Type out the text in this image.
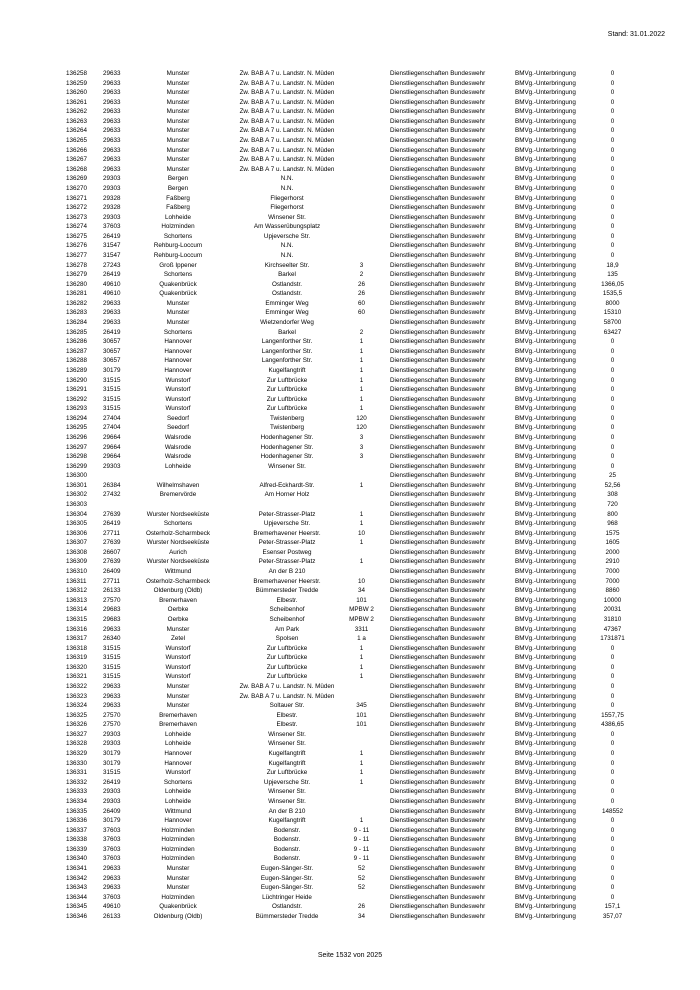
Stand: 31.01.2022
136258	29633	Munster	Zw. BAB A 7 u. Landstr. N. Müden	Dienstliegenschaften Bundeswehr	BMVg.-Unterbringung	0
136259	29633	Munster	Zw. BAB A 7 u. Landstr. N. Müden	Dienstliegenschaften Bundeswehr	BMVg.-Unterbringung	0
136260	29633	Munster	Zw. BAB A 7 u. Landstr. N. Müden	Dienstliegenschaften Bundeswehr	BMVg.-Unterbringung	0
136261	29633	Munster	Zw. BAB A 7 u. Landstr. N. Müden	Dienstliegenschaften Bundeswehr	BMVg.-Unterbringung	0
136262	29633	Munster	Zw. BAB A 7 u. Landstr. N. Müden	Dienstliegenschaften Bundeswehr	BMVg.-Unterbringung	0
136263	29633	Munster	Zw. BAB A 7 u. Landstr. N. Müden	Dienstliegenschaften Bundeswehr	BMVg.-Unterbringung	0
136264	29633	Munster	Zw. BAB A 7 u. Landstr. N. Müden	Dienstliegenschaften Bundeswehr	BMVg.-Unterbringung	0
136265	29633	Munster	Zw. BAB A 7 u. Landstr. N. Müden	Dienstliegenschaften Bundeswehr	BMVg.-Unterbringung	0
136266	29633	Munster	Zw. BAB A 7 u. Landstr. N. Müden	Dienstliegenschaften Bundeswehr	BMVg.-Unterbringung	0
136267	29633	Munster	Zw. BAB A 7 u. Landstr. N. Müden	Dienstliegenschaften Bundeswehr	BMVg.-Unterbringung	0
136268	29633	Munster	Zw. BAB A 7 u. Landstr. N. Müden	Dienstliegenschaften Bundeswehr	BMVg.-Unterbringung	0
136269	29303	Bergen	N.N.	Dienstliegenschaften Bundeswehr	BMVg.-Unterbringung	0
136270	29303	Bergen	N.N.	Dienstliegenschaften Bundeswehr	BMVg.-Unterbringung	0
136271	29328	Faßberg	Fliegerhorst	Dienstliegenschaften Bundeswehr	BMVg.-Unterbringung	0
136272	29328	Faßberg	Fliegerhorst	Dienstliegenschaften Bundeswehr	BMVg.-Unterbringung	0
136273	29303	Lohheide	Winsener Str.	Dienstliegenschaften Bundeswehr	BMVg.-Unterbringung	0
136274	37603	Holzminden	Am Wasserübungsplatz	Dienstliegenschaften Bundeswehr	BMVg.-Unterbringung	0
136275	26419	Schortens	Upjeversche Str.	Dienstliegenschaften Bundeswehr	BMVg.-Unterbringung	0
136276	31547	Rehburg-Loccum	N.N.	Dienstliegenschaften Bundeswehr	BMVg.-Unterbringung	0
136277	31547	Rehburg-Loccum	N.N.	Dienstliegenschaften Bundeswehr	BMVg.-Unterbringung	0
136278	27243	Groß Ippener	Kirchseelter Str.	3	Dienstliegenschaften Bundeswehr	BMVg.-Unterbringung	18,9
136279	26419	Schortens	Barkel	2	Dienstliegenschaften Bundeswehr	BMVg.-Unterbringung	135
136280	49610	Quakenbrück	Ostlandstr.	26	Dienstliegenschaften Bundeswehr	BMVg.-Unterbringung	1366,05
136281	49610	Quakenbrück	Ostlandstr.	26	Dienstliegenschaften Bundeswehr	BMVg.-Unterbringung	1535,5
136282	29633	Munster	Emminger Weg	60	Dienstliegenschaften Bundeswehr	BMVg.-Unterbringung	8000
136283	29633	Munster	Emminger Weg	60	Dienstliegenschaften Bundeswehr	BMVg.-Unterbringung	15310
136284	29633	Munster	Wietzendorfer Weg	Dienstliegenschaften Bundeswehr	BMVg.-Unterbringung	58700
136285	26419	Schortens	Barkel	2	Dienstliegenschaften Bundeswehr	BMVg.-Unterbringung	63427
136286	30657	Hannover	Langenforther Str.	1	Dienstliegenschaften Bundeswehr	BMVg.-Unterbringung	0
136287	30657	Hannover	Langenforther Str.	1	Dienstliegenschaften Bundeswehr	BMVg.-Unterbringung	0
136288	30657	Hannover	Langenforther Str.	1	Dienstliegenschaften Bundeswehr	BMVg.-Unterbringung	0
136289	30179	Hannover	Kugelfangtrift	1	Dienstliegenschaften Bundeswehr	BMVg.-Unterbringung	0
136290	31515	Wunstorf	Zur Luftbrücke	1	Dienstliegenschaften Bundeswehr	BMVg.-Unterbringung	0
136291	31515	Wunstorf	Zur Luftbrücke	1	Dienstliegenschaften Bundeswehr	BMVg.-Unterbringung	0
136292	31515	Wunstorf	Zur Luftbrücke	1	Dienstliegenschaften Bundeswehr	BMVg.-Unterbringung	0
136293	31515	Wunstorf	Zur Luftbrücke	1	Dienstliegenschaften Bundeswehr	BMVg.-Unterbringung	0
136294	27404	Seedorf	Twistenberg	120	Dienstliegenschaften Bundeswehr	BMVg.-Unterbringung	0
136295	27404	Seedorf	Twistenberg	120	Dienstliegenschaften Bundeswehr	BMVg.-Unterbringung	0
136296	29664	Walsrode	Hodenhagener Str.	3	Dienstliegenschaften Bundeswehr	BMVg.-Unterbringung	0
136297	29664	Walsrode	Hodenhagener Str.	3	Dienstliegenschaften Bundeswehr	BMVg.-Unterbringung	0
136298	29664	Walsrode	Hodenhagener Str.	3	Dienstliegenschaften Bundeswehr	BMVg.-Unterbringung	0
136299	29303	Lohheide	Winsener Str.	Dienstliegenschaften Bundeswehr	BMVg.-Unterbringung	0
136300	Dienstliegenschaften Bundeswehr	BMVg.-Unterbringung	25
136301	26384	Wilhelmshaven	Alfred-Eckhardt-Str.	1	Dienstliegenschaften Bundeswehr	BMVg.-Unterbringung	52,56
136302	27432	Bremervörde	Am Horner Holz	Dienstliegenschaften Bundeswehr	BMVg.-Unterbringung	308
136303	Dienstliegenschaften Bundeswehr	BMVg.-Unterbringung	720
136304	27639	Wurster Nordseeküste	Peter-Strasser-Platz	1	Dienstliegenschaften Bundeswehr	BMVg.-Unterbringung	800
136305	26419	Schortens	Upjeversche Str.	1	Dienstliegenschaften Bundeswehr	BMVg.-Unterbringung	968
136306	27711	Osterholz-Scharmbeck	Bremerhavener Heerstr.	10	Dienstliegenschaften Bundeswehr	BMVg.-Unterbringung	1575
136307	27639	Wurster Nordseeküste	Peter-Strasser-Platz	1	Dienstliegenschaften Bundeswehr	BMVg.-Unterbringung	1605
136308	26607	Aurich	Esenser Postweg	Dienstliegenschaften Bundeswehr	BMVg.-Unterbringung	2000
136309	27639	Wurster Nordseeküste	Peter-Strasser-Platz	1	Dienstliegenschaften Bundeswehr	BMVg.-Unterbringung	2910
136310	26409	Wittmund	An der B 210	Dienstliegenschaften Bundeswehr	BMVg.-Unterbringung	7000
136311	27711	Osterholz-Scharmbeck	Bremerhavener Heerstr.	10	Dienstliegenschaften Bundeswehr	BMVg.-Unterbringung	7000
136312	26133	Oldenburg (Oldb)	Bümmersteder Tredde	34	Dienstliegenschaften Bundeswehr	BMVg.-Unterbringung	8860
136313	27570	Bremerhaven	Elbestr.	101	Dienstliegenschaften Bundeswehr	BMVg.-Unterbringung	10000
136314	29683	Oerbke	Scheibenhof	MPBW 2	Dienstliegenschaften Bundeswehr	BMVg.-Unterbringung	20031
136315	29683	Oerbke	Scheibenhof	MPBW 2	Dienstliegenschaften Bundeswehr	BMVg.-Unterbringung	31810
136316	29633	Munster	Am Park	3311	Dienstliegenschaften Bundeswehr	BMVg.-Unterbringung	47367
136317	26340	Zetel	Spolsen	1 a	Dienstliegenschaften Bundeswehr	BMVg.-Unterbringung	1731871
136318	31515	Wunstorf	Zur Luftbrücke	1	Dienstliegenschaften Bundeswehr	BMVg.-Unterbringung	0
136319	31515	Wunstorf	Zur Luftbrücke	1	Dienstliegenschaften Bundeswehr	BMVg.-Unterbringung	0
136320	31515	Wunstorf	Zur Luftbrücke	1	Dienstliegenschaften Bundeswehr	BMVg.-Unterbringung	0
136321	31515	Wunstorf	Zur Luftbrücke	1	Dienstliegenschaften Bundeswehr	BMVg.-Unterbringung	0
136322	29633	Munster	Zw. BAB A 7 u. Landstr. N. Müden	Dienstliegenschaften Bundeswehr	BMVg.-Unterbringung	0
136323	29633	Munster	Zw. BAB A 7 u. Landstr. N. Müden	Dienstliegenschaften Bundeswehr	BMVg.-Unterbringung	0
136324	29633	Munster	Soltauer Str.	345	Dienstliegenschaften Bundeswehr	BMVg.-Unterbringung	0
136325	27570	Bremerhaven	Elbestr.	101	Dienstliegenschaften Bundeswehr	BMVg.-Unterbringung	1557,75
136326	27570	Bremerhaven	Elbestr.	101	Dienstliegenschaften Bundeswehr	BMVg.-Unterbringung	4386,65
136327	29303	Lohheide	Winsener Str.	Dienstliegenschaften Bundeswehr	BMVg.-Unterbringung	0
136328	29303	Lohheide	Winsener Str.	Dienstliegenschaften Bundeswehr	BMVg.-Unterbringung	0
136329	30179	Hannover	Kugelfangtrift	1	Dienstliegenschaften Bundeswehr	BMVg.-Unterbringung	0
136330	30179	Hannover	Kugelfangtrift	1	Dienstliegenschaften Bundeswehr	BMVg.-Unterbringung	0
136331	31515	Wunstorf	Zur Luftbrücke	1	Dienstliegenschaften Bundeswehr	BMVg.-Unterbringung	0
136332	26419	Schortens	Upjeversche Str.	1	Dienstliegenschaften Bundeswehr	BMVg.-Unterbringung	0
136333	29303	Lohheide	Winsener Str.	Dienstliegenschaften Bundeswehr	BMVg.-Unterbringung	0
136334	29303	Lohheide	Winsener Str.	Dienstliegenschaften Bundeswehr	BMVg.-Unterbringung	0
136335	26409	Wittmund	An der B 210	Dienstliegenschaften Bundeswehr	BMVg.-Unterbringung	148552
136336	30179	Hannover	Kugelfangtrift	1	Dienstliegenschaften Bundeswehr	BMVg.-Unterbringung	0
136337	37603	Holzminden	Bodenstr.	9 - 11	Dienstliegenschaften Bundeswehr	BMVg.-Unterbringung	0
136338	37603	Holzminden	Bodenstr.	9 - 11	Dienstliegenschaften Bundeswehr	BMVg.-Unterbringung	0
136339	37603	Holzminden	Bodenstr.	9 - 11	Dienstliegenschaften Bundeswehr	BMVg.-Unterbringung	0
136340	37603	Holzminden	Bodenstr.	9 - 11	Dienstliegenschaften Bundeswehr	BMVg.-Unterbringung	0
136341	29633	Munster	Eugen-Sänger-Str.	52	Dienstliegenschaften Bundeswehr	BMVg.-Unterbringung	0
136342	29633	Munster	Eugen-Sänger-Str.	52	Dienstliegenschaften Bundeswehr	BMVg.-Unterbringung	0
136343	29633	Munster	Eugen-Sänger-Str.	52	Dienstliegenschaften Bundeswehr	BMVg.-Unterbringung	0
136344	37603	Holzminden	Lüchtringer Heide	Dienstliegenschaften Bundeswehr	BMVg.-Unterbringung	0
136345	49610	Quakenbrück	Ostlandstr.	26	Dienstliegenschaften Bundeswehr	BMVg.-Unterbringung	157,1
136346	26133	Oldenburg (Oldb)	Bümmersteder Tredde	34	Dienstliegenschaften Bundeswehr	BMVg.-Unterbringung	357,07
Seite 1532 von 2025
